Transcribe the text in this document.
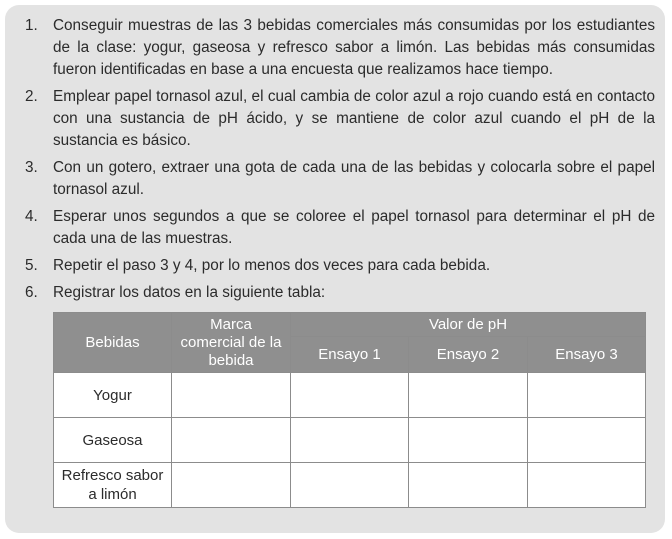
1. Conseguir muestras de las 3 bebidas comerciales más consumidas por los estudiantes de la clase: yogur, gaseosa y refresco sabor a limón. Las bebidas más consumidas fueron identificadas en base a una encuesta que realizamos hace tiempo.
2. Emplear papel tornasol azul, el cual cambia de color azul a rojo cuando está en contacto con una sustancia de pH ácido, y se mantiene de color azul cuando el pH de la sustancia es básico.
3. Con un gotero, extraer una gota de cada una de las bebidas y colocarla sobre el papel tornasol azul.
4. Esperar unos segundos a que se coloree el papel tornasol para determinar el pH de cada una de las muestras.
5. Repetir el paso 3 y 4, por lo menos dos veces para cada bebida.
6. Registrar los datos en la siguiente tabla:
Bebidas	Marca comercial de la bebida	Valor de pH		
		Ensayo 1	Ensayo 2	Ensayo 3
Yogur				
Gaseosa				
Refresco sabor a limón				
